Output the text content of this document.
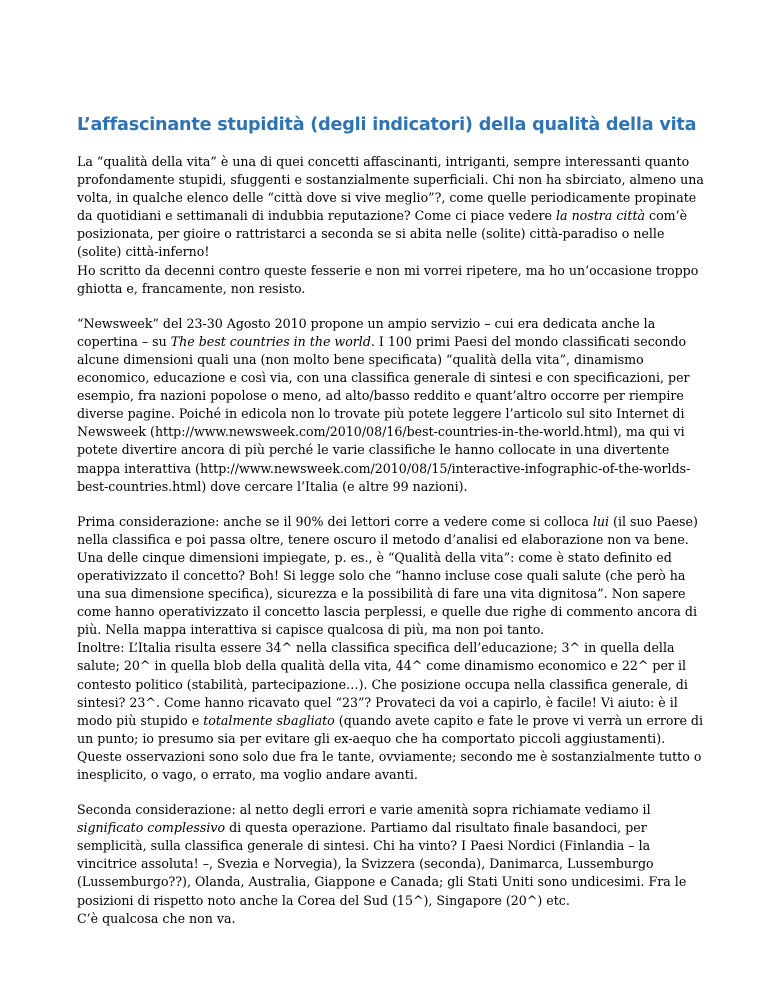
L’affascinante stupidità (degli indicatori) della qualità della vita

La “qualità della vita” è una di quei concetti affascinanti, intriganti, sempre interessanti quanto profondamente stupidi, sfuggenti e sostanzialmente superficiali. Chi non ha sbirciato, almeno una volta, in qualche elenco delle “città dove si vive meglio”?, come quelle periodicamente propinate da quotidiani e settimanali di indubbia reputazione? Come ci piace vedere la nostra città com’è posizionata, per gioire o rattristarci a seconda se si abita nelle (solite) città-paradiso o nelle (solite) città-inferno!

Ho scritto da decenni contro queste fesserie e non mi vorrei ripetere, ma ho un’occasione troppo ghiotta e, francamente, non resisto.

“Newsweek” del 23-30 Agosto 2010 propone un ampio servizio – cui era dedicata anche la copertina – su The best countries in the world. I 100 primi Paesi del mondo classificati secondo alcune dimensioni quali una (non molto bene specificata) “qualità della vita”, dinamismo economico, educazione e così via, con una classifica generale di sintesi e con specificazioni, per esempio, fra nazioni popolose o meno, ad alto/basso reddito e quant’altro occorre per riempire diverse pagine. Poiché in edicola non lo trovate più potete leggere l’articolo sul sito Internet di Newsweek (http://www.newsweek.com/2010/08/16/best-countries-in-the-world.html), ma qui vi potete divertire ancora di più perché le varie classifiche le hanno collocate in una divertente mappa interattiva (http://www.newsweek.com/2010/08/15/interactive-infographic-of-the-worlds-best-countries.html) dove cercare l’Italia (e altre 99 nazioni).

Prima considerazione: anche se il 90% dei lettori corre a vedere come si colloca lui (il suo Paese) nella classifica e poi passa oltre, tenere oscuro il metodo d’analisi ed elaborazione non va bene. Una delle cinque dimensioni impiegate, p. es., è “Qualità della vita”: come è stato definito ed operativizzato il concetto? Boh! Si legge solo che “hanno incluse cose quali salute (che però ha una sua dimensione specifica), sicurezza e la possibilità di fare una vita dignitosa”. Non sapere come hanno operativizzato il concetto lascia perplessi, e quelle due righe di commento ancora di più. Nella mappa interattiva si capisce qualcosa di più, ma non poi tanto.

Inoltre: L’Italia risulta essere 34^ nella classifica specifica dell’educazione; 3^ in quella della salute; 20^ in quella blob della qualità della vita, 44^ come dinamismo economico e 22^ per il contesto politico (stabilità, partecipazione…). Che posizione occupa nella classifica generale, di sintesi? 23^. Come hanno ricavato quel “23”? Provateci da voi a capirlo, è facile! Vi aiuto: è il modo più stupido e totalmente sbagliato (quando avete capito e fate le prove vi verrà un errore di un punto; io presumo sia per evitare gli ex-aequo che ha comportato piccoli aggiustamenti).

Queste osservazioni sono solo due fra le tante, ovviamente; secondo me è sostanzialmente tutto o inesplicito, o vago, o errato, ma voglio andare avanti.

Seconda considerazione: al netto degli errori e varie amenità sopra richiamate vediamo il significato complessivo di questa operazione. Partiamo dal risultato finale basandoci, per semplicità, sulla classifica generale di sintesi. Chi ha vinto? I Paesi Nordici (Finlandia – la vincitrice assoluta! –, Svezia e Norvegia), la Svizzera (seconda), Danimarca, Lussemburgo (Lussemburgo??), Olanda, Australia, Giappone e Canada; gli Stati Uniti sono undicesimi. Fra le posizioni di rispetto noto anche la Corea del Sud (15^), Singapore (20^) etc.

C’è qualcosa che non va.
